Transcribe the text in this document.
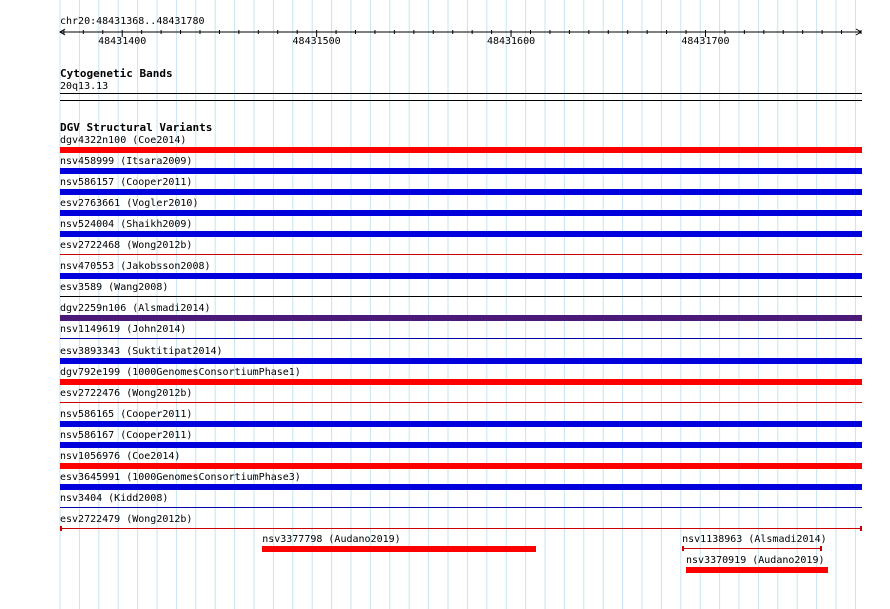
chr20:48431368..48431780
48431400	48431500	48431600	48431700
Cytogenetic Bands
20q13.13
DGV Structural Variants
dgv4322n100 (Coe2014)
nsv458999 (Itsara2009)
nsv586157 (Cooper2011)
esv2763661 (Vogler2010)
nsv524004 (Shaikh2009)
esv2722468 (Wong2012b)
nsv470553 (Jakobsson2008)
esv3589 (Wang2008)
dgv2259n106 (Alsmadi2014)
nsv1149619 (John2014)
esv3893343 (Suktitipat2014)
dgv792e199 (1000GenomesConsortiumPhase1)
esv2722476 (Wong2012b)
nsv586165 (Cooper2011)
nsv586167 (Cooper2011)
nsv1056976 (Coe2014)
esv3645991 (1000GenomesConsortiumPhase3)
nsv3404 (Kidd2008)
esv2722479 (Wong2012b)
nsv3377798 (Audano2019)	nsv1138963 (Alsmadi2014)
nsv3370919 (Audano2019)
